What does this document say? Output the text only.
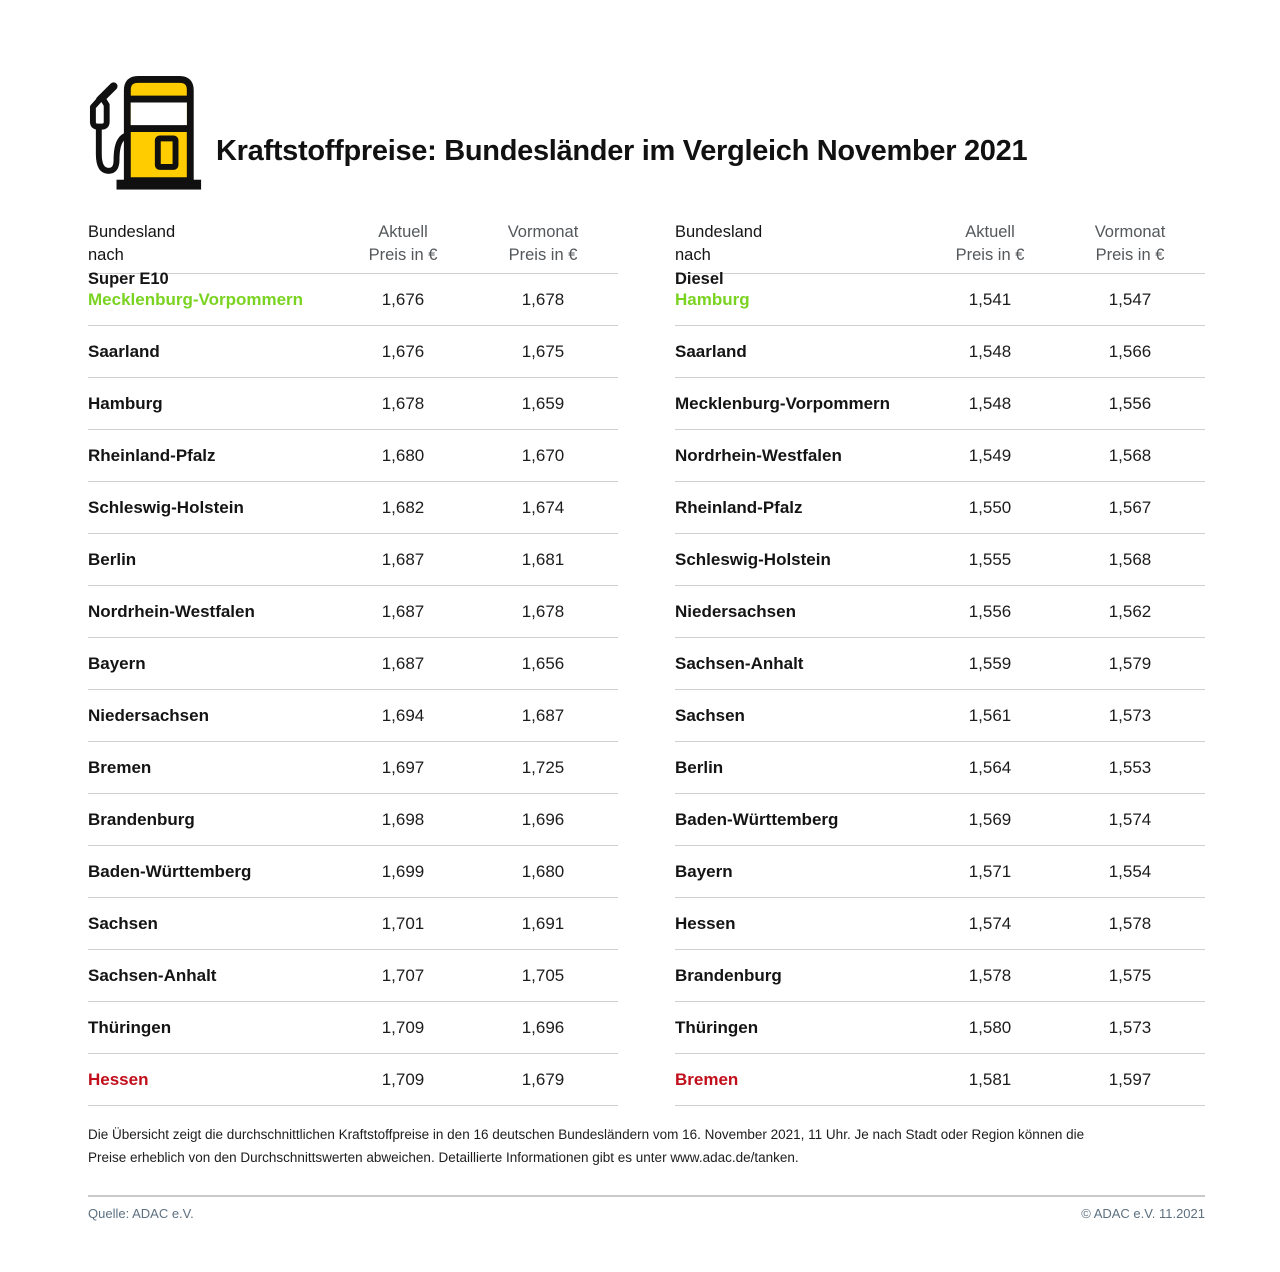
Kraftstoffpreise: Bundesländer im Vergleich November 2021
Bundesland
nach
Super E10
Aktuell
Preis in €
Vormonat
Preis in €
Mecklenburg-Vorpommern	1,676	1,678
Saarland	1,676	1,675
Hamburg	1,678	1,659
Rheinland-Pfalz	1,680	1,670
Schleswig-Holstein	1,682	1,674
Berlin	1,687	1,681
Nordrhein-Westfalen	1,687	1,678
Bayern	1,687	1,656
Niedersachsen	1,694	1,687
Bremen	1,697	1,725
Brandenburg	1,698	1,696
Baden-Württemberg	1,699	1,680
Sachsen	1,701	1,691
Sachsen-Anhalt	1,707	1,705
Thüringen	1,709	1,696
Hessen	1,709	1,679
Bundesland
nach
Diesel
Aktuell
Preis in €
Vormonat
Preis in €
Hamburg	1,541	1,547
Saarland	1,548	1,566
Mecklenburg-Vorpommern	1,548	1,556
Nordrhein-Westfalen	1,549	1,568
Rheinland-Pfalz	1,550	1,567
Schleswig-Holstein	1,555	1,568
Niedersachsen	1,556	1,562
Sachsen-Anhalt	1,559	1,579
Sachsen	1,561	1,573
Berlin	1,564	1,553
Baden-Württemberg	1,569	1,574
Bayern	1,571	1,554
Hessen	1,574	1,578
Brandenburg	1,578	1,575
Thüringen	1,580	1,573
Bremen	1,581	1,597

Die Übersicht zeigt die durchschnittlichen Kraftstoffpreise in den 16 deutschen Bundesländern vom 16. November 2021, 11 Uhr. Je nach Stadt oder Region können die Preise erheblich von den Durchschnittswerten abweichen. Detaillierte Informationen gibt es unter www.adac.de/tanken.

Quelle: ADAC e.V.	© ADAC e.V. 11.2021
